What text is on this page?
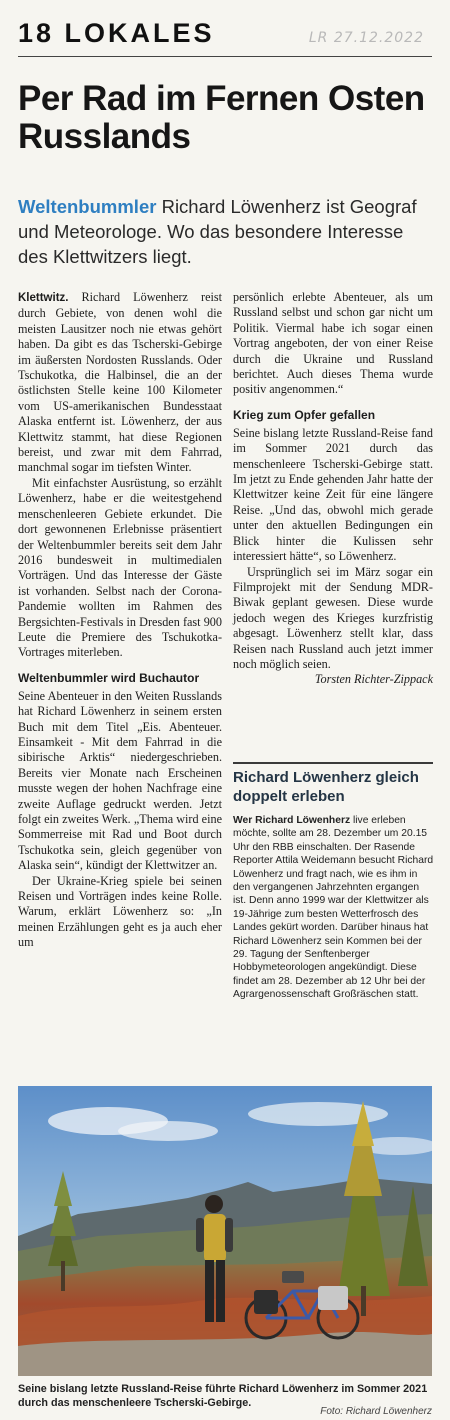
18 LOKALES	LR 27.12.2022
Per Rad im Fernen Osten Russlands
Weltenbummler Richard Löwenherz ist Geograf und Meteorologe. Wo das besondere Interesse des Klettwitzers liegt.

Klettwitz. Richard Löwenherz reist durch Gebiete, von denen wohl die meisten Lausitzer noch nie etwas gehört haben. Da gibt es das Tscherski-Gebirge im äußersten Nordosten Russlands. Oder Tschukotka, die Halbinsel, die an der östlichsten Stelle keine 100 Kilometer vom US-amerikanischen Bundesstaat Alaska entfernt ist. Löwenherz, der aus Klettwitz stammt, hat diese Regionen bereist, und zwar mit dem Fahrrad, manchmal sogar im tiefsten Winter.

Mit einfachster Ausrüstung, so erzählt Löwenherz, habe er die weitestgehend menschenleeren Gebiete erkundet. Die dort gewonnenen Erlebnisse präsentiert der Weltenbummler bereits seit dem Jahr 2016 bundesweit in multimedialen Vorträgen. Und das Interesse der Gäste ist vorhanden. Selbst nach der Corona-Pandemie wollten im Rahmen des Bergsichten-Festivals in Dresden fast 900 Leute die Premiere des Tschukotka-Vortrages miterleben.

Weltenbummler wird Buchautor

Seine Abenteuer in den Weiten Russlands hat Richard Löwenherz in seinem ersten Buch mit dem Titel „Eis. Abenteuer. Einsamkeit - Mit dem Fahrrad in die sibirische Arktis“ niedergeschrieben. Bereits vier Monate nach Erscheinen musste wegen der hohen Nachfrage eine zweite Auflage gedruckt werden. Jetzt folgt ein zweites Werk. „Thema wird eine Sommerreise mit Rad und Boot durch Tschukotka sein, gleich gegenüber von Alaska sein“, kündigt der Klettwitzer an.

Der Ukraine-Krieg spiele bei seinen Reisen und Vorträgen indes keine Rolle. Warum, erklärt Löwenherz so: „In meinen Erzählungen geht es ja auch eher um

persönlich erlebte Abenteuer, als um Russland selbst und schon gar nicht um Politik. Viermal habe ich sogar einen Vortrag angeboten, der von einer Reise durch die Ukraine und Russland berichtet. Auch dieses Thema wurde positiv angenommen.“

Krieg zum Opfer gefallen

Seine bislang letzte Russland-Reise fand im Sommer 2021 durch das menschenleere Tscherski-Gebirge statt. Im jetzt zu Ende gehenden Jahr hatte der Klettwitzer keine Zeit für eine längere Reise. „Und das, obwohl mich gerade unter den aktuellen Bedingungen ein Blick hinter die Kulissen sehr interessiert hätte“, so Löwenherz.

Ursprünglich sei im März sogar ein Filmprojekt mit der Sendung MDR-Biwak geplant gewesen. Diese wurde jedoch wegen des Krieges kurzfristig abgesagt. Löwenherz stellt klar, dass Reisen nach Russland auch jetzt immer noch möglich seien.

Torsten Richter-Zippack

Richard Löwenherz gleich doppelt erleben
Wer Richard Löwenherz live erleben möchte, sollte am 28. Dezember um 20.15 Uhr den RBB einschalten. Der Rasende Reporter Attila Weidemann besucht Richard Löwenherz und fragt nach, wie es ihm in den vergangenen Jahrzehnten ergangen ist. Denn anno 1999 war der Klettwitzer als 19-Jährige zum besten Wetterfrosch des Landes gekürt worden. Darüber hinaus hat Richard Löwenherz sein Kommen bei der 29. Tagung der Senftenberger Hobbymeteorologen angekündigt. Diese findet am 28. Dezember ab 12 Uhr bei der Agrargenossenschaft Großräschen statt.
Seine bislang letzte Russland-Reise führte Richard Löwenherz im Sommer 2021 durch das menschenleere Tscherski-Gebirge.
Foto: Richard Löwenherz
